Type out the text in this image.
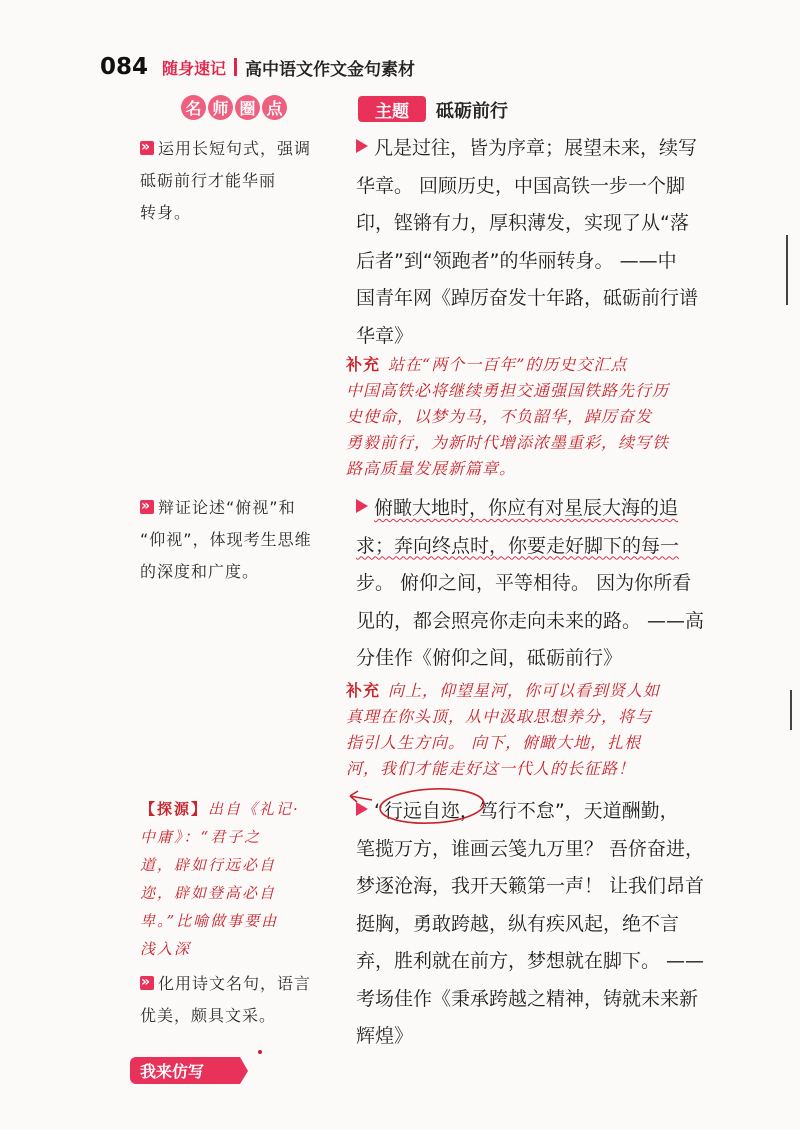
084 随身速记 高中语文作文金句素材
名 师 圈 点	主题	砥砺前行
»运用长短句式，强调
砥砺前行才能华丽
转身。
»辩证论述“俯视”和
“仰视”，体现考生思维
的深度和广度。
»化用诗文名句，语言
优美，颇具文采。
凡是过往，皆为序章；展望未来，续写
华章。 回顾历史，中国高铁一步一个脚
印，铿锵有力，厚积薄发，实现了从“落
后者”到“领跑者”的华丽转身。 ——中
国青年网《踔厉奋发十年路，砥砺前行谱
华章》
补充 站在“两个一百年”的历史交汇点
中国高铁必将继续勇担交通强国铁路先行历
史使命，以梦为马，不负韶华，踔厉奋发
勇毅前行，为新时代增添浓墨重彩，续写铁
路高质量发展新篇章。
俯瞰大地时，你应有对星辰大海的追
求；奔向终点时，你要走好脚下的每一
步。 俯仰之间，平等相待。 因为你所看
见的，都会照亮你走向未来的路。 ——高
分佳作《俯仰之间，砥砺前行》
补充 向上，仰望星河，你可以看到贤人如
真理在你头顶，从中汲取思想养分，将与
指引人生方向。 向下，俯瞰大地，扎根
河，我们才能走好这一代人的长征路！
【探源】出自《礼记·
中庸》：“君子之
道，辟如行远必自
迩，辟如登高必自
卑。”比喻做事要由
浅入深
“行远自迩，笃行不怠”，天道酬勤，
笔揽万方，谁画云笺九万里？ 吾侪奋进，
梦逐沧海，我开天籁第一声！ 让我们昂首
挺胸，勇敢跨越，纵有疾风起，绝不言
弃，胜利就在前方，梦想就在脚下。 ——
考场佳作《秉承跨越之精神，铸就未来新
辉煌》
我来仿写
